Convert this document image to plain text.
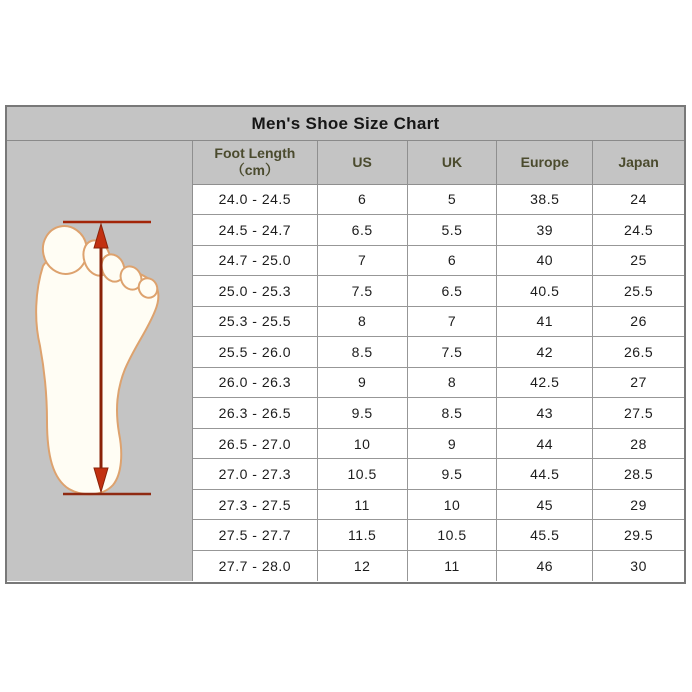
Men's Shoe Size Chart
Foot Length
（cm）	US	UK	Europe	Japan
24.0 - 24.5	6	5	38.5	24
24.5 - 24.7	6.5	5.5	39	24.5
24.7 - 25.0	7	6	40	25
25.0 - 25.3	7.5	6.5	40.5	25.5
25.3 - 25.5	8	7	41	26
25.5 - 26.0	8.5	7.5	42	26.5
26.0 - 26.3	9	8	42.5	27
26.3 - 26.5	9.5	8.5	43	27.5
26.5 - 27.0	10	9	44	28
27.0 - 27.3	10.5	9.5	44.5	28.5
27.3 - 27.5	11	10	45	29
27.5 - 27.7	11.5	10.5	45.5	29.5
27.7 - 28.0	12	11	46	30
